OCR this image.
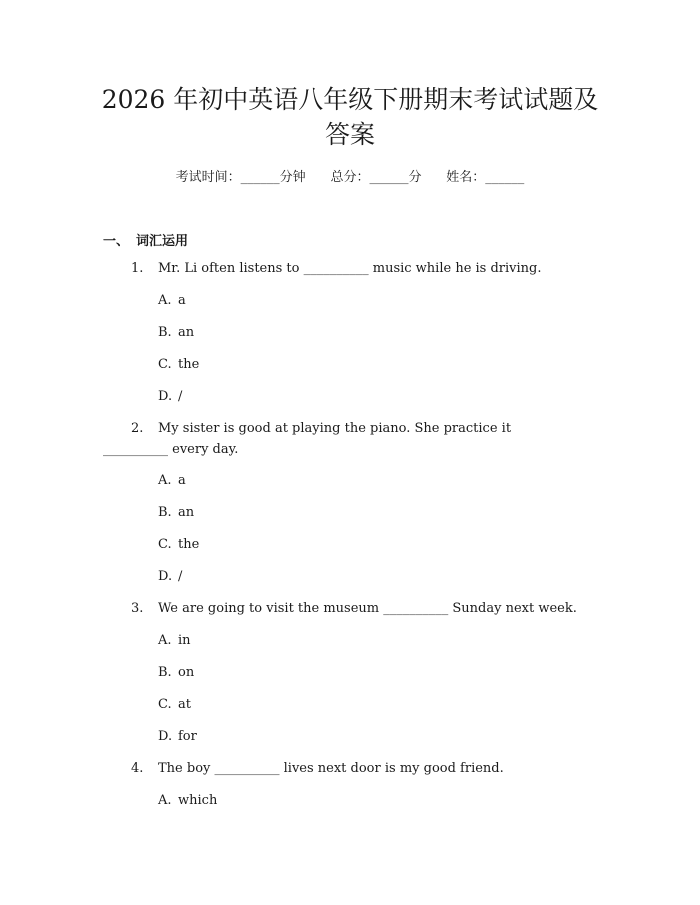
2026 年初中英语八年级下册期末考试试题及
答案
考试时间：______分钟 总分：______分 姓名：______
一、 词汇运用
1. Mr. Li often listens to __________ music while he is driving.
A. a
B. an
C. the
D. /
2. My sister is good at playing the piano. She practice it
__________ every day.
A. a
B. an
C. the
D. /
3. We are going to visit the museum __________ Sunday next week.
A. in
B. on
C. at
D. for
4. The boy __________ lives next door is my good friend.
A. which
